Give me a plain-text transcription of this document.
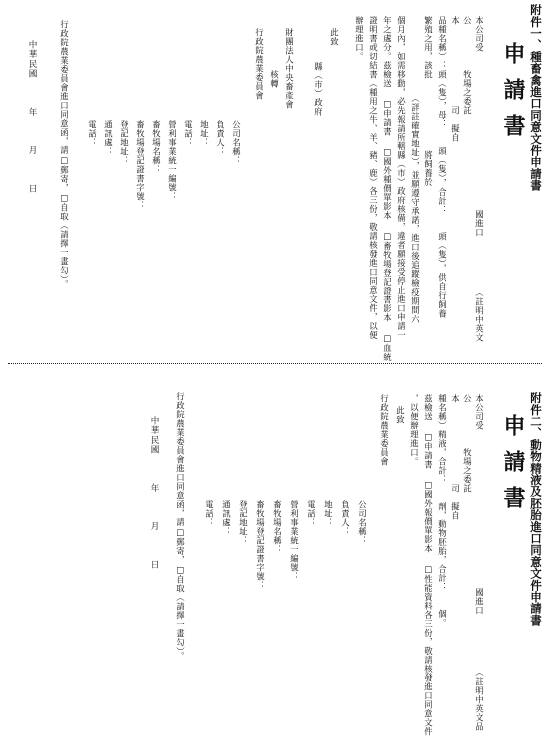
附件一、種畜禽進口同意文件申請書
申請書
本公司受
公　　　　　牧場之委託
本　　　　　　　　　司　擬自
國進口
（註明中英文
品種名稱）：頭（隻），母：　　頭（隻），合計：　　頭（隻），供自行飼養
繁殖之用，該批　　　　　　　　將飼養於
（詳註確實地址），並願遵守承諾，進口後追蹤檢疫期間六
個月內，如需移動，必先報請所轄縣（市）政府核備，違者願接受停止進口申請一
年之處分。茲檢送 □申請書 □國外種價單影本 □畜牧場登記證書影本 □血統
證明書或切結書（種用之牛、羊、豬、鹿）各三份，敬請核發進口同意文件，以便
辦理進口。
此致
縣（市）政府
核轉 財團法人中央畜產會
行政院農業委員會
公司名稱：
負責人：
地址：
電話：
營利事業統一編號：
畜牧場名稱：
畜牧場登記證書字號：
登記地址：
通訊處：
電話：
行政院農業委員會進口同意函，請□郵寄，□自取（請擇一畫勾）。
中華民國　　　年　　　月　　　日
附件二、動物精液及胚胎進口同意文件申請書
申請書
本公司受
公　　　　　牧場之委託
本　　　　　　　　　司　擬自
國進口
（註明中英文品
種名稱）精液，合計：　　劑，動物胚胎，合計：　　個。
茲檢送 □申請書 □國外報價單影本 □性能資料各三份，敬請核發進口同意文件
，以便辦理進口。
此致
行政院農業委員會
公司名稱：
負責人：
地址：
電話：
營利事業統一編號：
畜牧場名稱：
畜牧場登記證書字號：
登記地址：
通訊處：
電話：
行政院農業委員會進口同意函，請□郵寄，□自取（請擇一畫勾）。
中華民國　　　年　　　月　　　日
